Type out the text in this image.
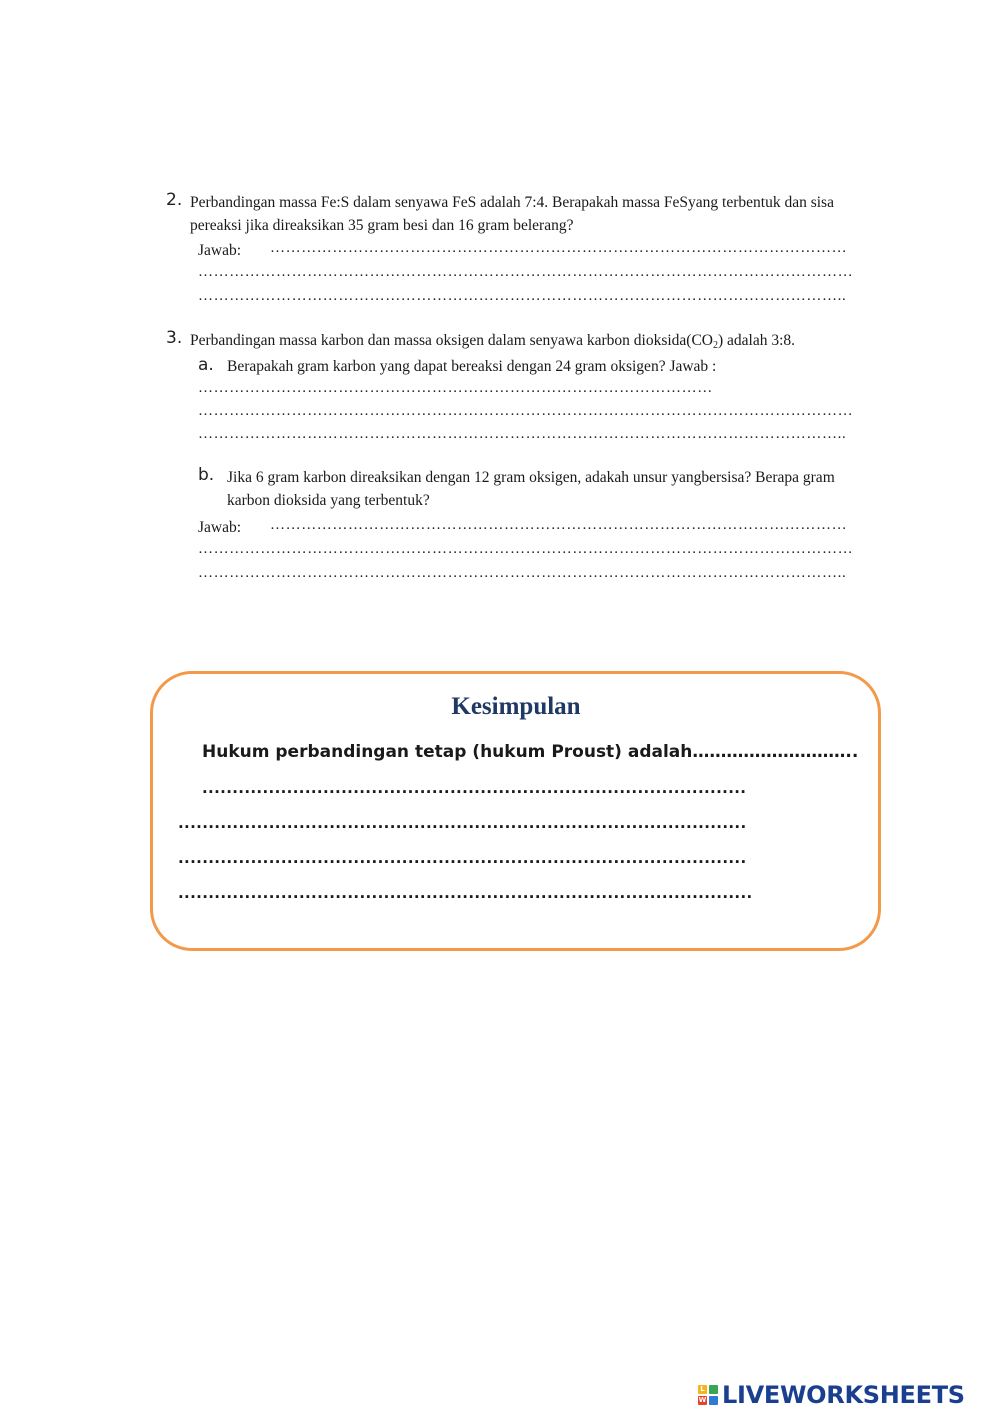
2. Perbandingan massa Fe:S dalam senyawa FeS adalah 7:4. Berapakah massa FeSyang terbentuk dan sisa
pereaksi jika direaksikan 35 gram besi dan 16 gram belerang?
Jawab: …………………………………………………………………………………………………
………………………………………………………………………………………………………………
……………………………………………………………………………………………………………..
3. Perbandingan massa karbon dan massa oksigen dalam senyawa karbon $dioksida(CO_2)$ adalah 3:8.
a. Berapakah gram karbon yang dapat bereaksi dengan 24 gram oksigen? Jawab :
………………………………………………………………………………………
………………………………………………………………………………………………………………
……………………………………………………………………………………………………………..
b. Jika 6 gram karbon direaksikan dengan 12 gram oksigen, adakah unsur yangbersisa? Berapa gram
karbon dioksida yang terbentuk?
Jawab: …………………………………………………………………………………………………
………………………………………………………………………………………………………………
……………………………………………………………………………………………………………..
Kesimpulan
Hukum perbandingan tetap (hukum Proust) adalah………………………..
..........................................................................................
..............................................................................................
..............................................................................................
...............................................................................................
L
W LIVEWORKSHEETS
